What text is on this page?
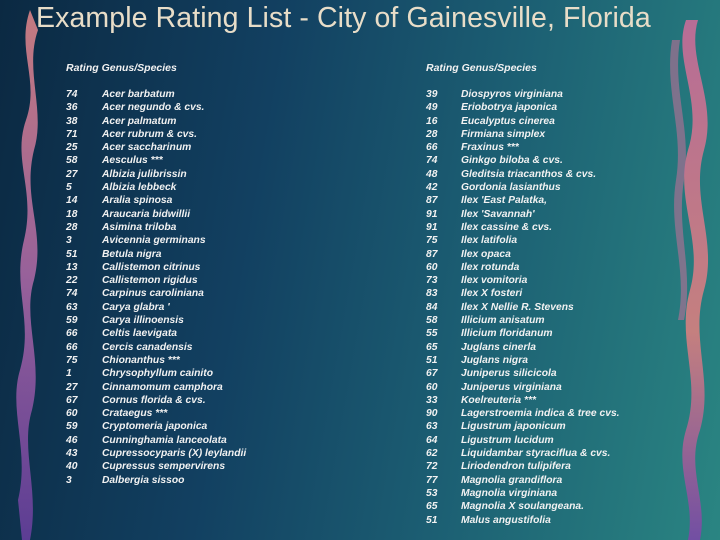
Example Rating List - City of Gainesville, Florida
Rating Genus/Species
74 Acer barbatum
36 Acer negundo & cvs.
38 Acer palmatum
71 Acer rubrum & cvs.
25 Acer saccharinum
58 Aesculus ***
27 Albizia julibrissin
5	Albizia lebbeck
14 Aralia spinosa
18 Araucaria bidwillii
28 Asimina triloba
3	Avicennia germinans
51 Betula nigra
13 Callistemon citrinus
22 Callistemon rigidus
74 Carpinus caroliniana
63 Carya glabra '
59 Carya illinoensis
66 Celtis laevigata
66 Cercis canadensis
75 Chionanthus ***
1	Chrysophyllum cainito
27 Cinnamomum camphora
67 Cornus florida & cvs.
60 Crataegus ***
59 Cryptomeria japonica
46 Cunninghamia lanceolata
43 Cupressocyparis (X) leylandii
40 Cupressus sempervirens
3	Dalbergia sissoo
Rating Genus/Species
39 Diospyros virginiana
49 Eriobotrya japonica
16 Eucalyptus cinerea
28 Firmiana simplex
66 Fraxinus ***
74 Ginkgo biloba & cvs.
48 Gleditsia triacanthos & cvs.
42 Gordonia lasianthus
87 Ilex 'East Palatka,
91 Ilex 'Savannah'
91 Ilex cassine & cvs.
75 Ilex latifolia
87 Ilex opaca
60 Ilex rotunda
73 Ilex vomitoria
83 Ilex X fosteri
84 Ilex X Nellie R. Stevens
58 Illicium anisatum
55 Illicium floridanum
65 Juglans cinerla
51 Juglans nigra
67 Juniperus silicicola
60 Juniperus virginiana
33 Koelreuteria ***
90 Lagerstroemia indica & tree cvs.
63 Ligustrum japonicum
64 Ligustrum lucidum
62 Liquidambar styraciflua & cvs.
72 Liriodendron tulipifera
77 Magnolia grandiflora
53 Magnolia virginiana
65 Magnolia X soulangeana.
51 Malus angustifolia
